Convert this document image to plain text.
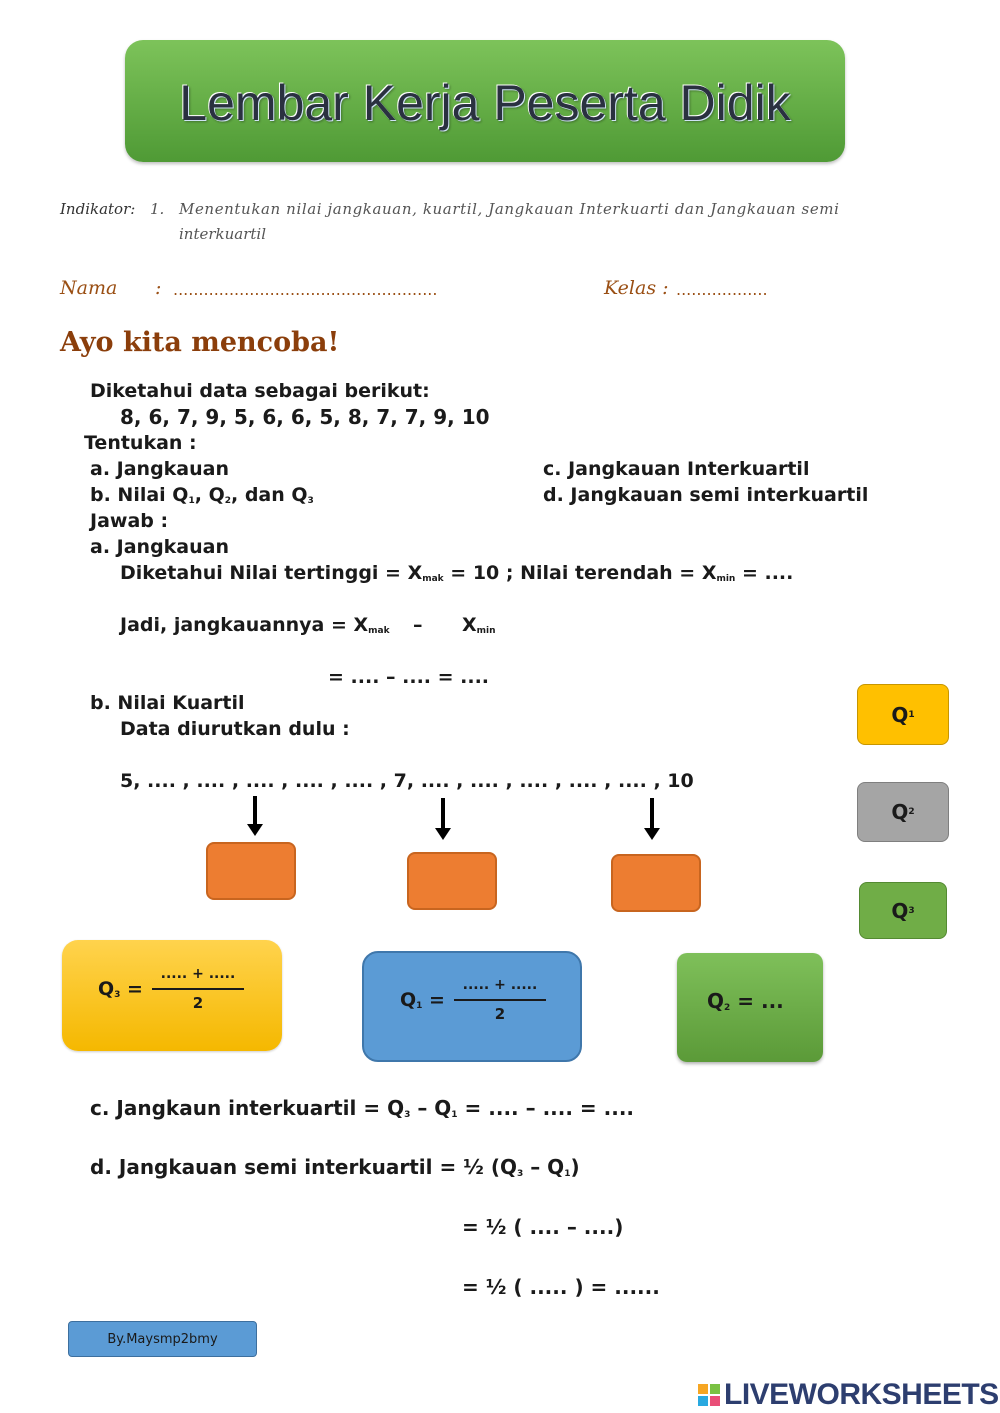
Lembar Kerja Peserta Didik
Indikator: 1. Menentukan nilai jangkauan, kuartil, Jangkauan Interkuarti dan Jangkauan semi
interkuartil
Nama : ....................................................	Kelas : ..................
Ayo kita mencoba!
Diketahui data sebagai berikut:
8, 6, 7, 9, 5, 6, 6, 5, 8, 7, 7, 9, 10
Tentukan :
a. Jangkauan
b. Nilai $Q_1$, $Q_2$, dan $Q_3$
c. Jangkauan Interkuartil
d. Jangkauan semi interkuartil
Jawab :
a. Jangkauan
Diketahui Nilai tertinggi = $X_{mak} = 10$ ; Nilai terendah = $X_{min}$ = ....
Jadi, jangkauannya = $X_{mak} - X_{min}$
= .... – .... = ....
b. Nilai Kuartil
Data diurutkan dulu :
5, .... , .... , .... , .... , .... , 7, .... , .... , .... , .... , .... , 10
Q 1
Q 2
Q 3
$Q_3$ =
..... + .....
2	$Q_1$ =
..... + .....
2
$Q_2$ = ...
c. Jangkaun interkuartil = $Q_3 - Q_1$ = .... – .... = ....
d. Jangkauan semi interkuartil = ½ $(Q_3 - Q_1)$
= ½ ( .... – ....)
= ½ ( ..... ) = ......
By.Maysmp2bmy
LIVEWORKSHEETS
